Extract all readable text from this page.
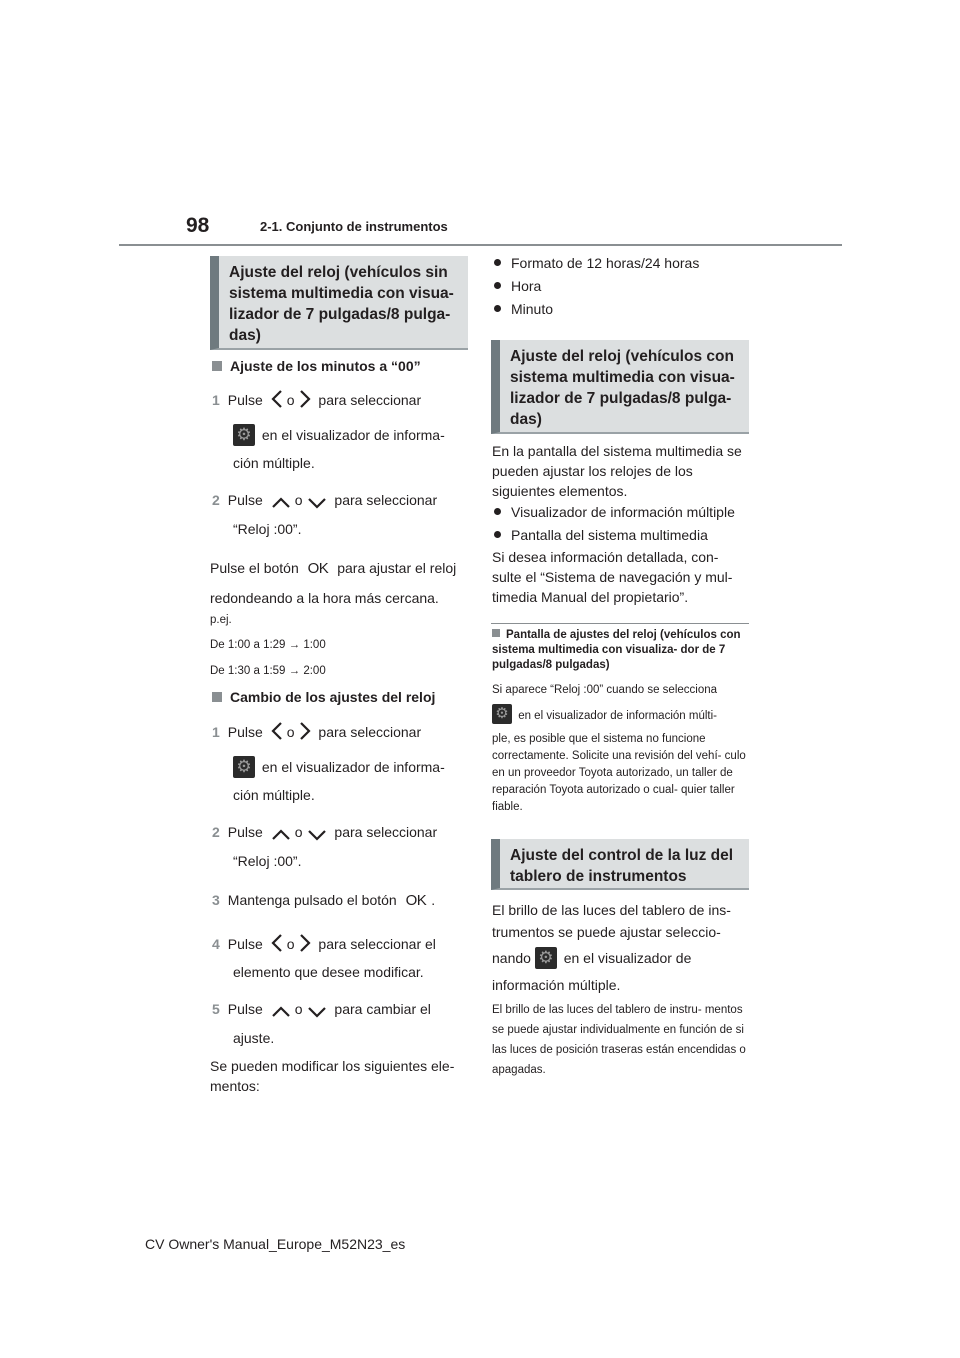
98	2-1. Conjunto de instrumentos
Ajuste del reloj (vehículos sin sistema multimedia con visua- lizador de 7 pulgadas/8 pulga- das)
Ajuste de los minutos a “00”
1 Pulse o para seleccionar
⚙ en el visualizador de informa-
ción múltiple.
2 Pulse o para seleccionar
“Reloj :00”.
Pulse el botón OK para ajustar el reloj
redondeando a la hora más cercana.
p.ej.
De 1:00 a 1:29 → 1:00
De 1:30 a 1:59 → 2:00
Cambio de los ajustes del reloj
1 Pulse o para seleccionar
⚙ en el visualizador de informa-
ción múltiple.
2 Pulse o para seleccionar
“Reloj :00”.
3 Mantenga pulsado el botón OK .
4 Pulse o para seleccionar el
elemento que desee modificar.
5 Pulse o para cambiar el
ajuste.
Se pueden modificar los siguientes ele- mentos:
Formato de 12 horas/24 horas
Hora
Minuto
Ajuste del reloj (vehículos con sistema multimedia con visua- lizador de 7 pulgadas/8 pulga- das)
En la pantalla del sistema multimedia se pueden ajustar los relojes de los siguientes elementos.
Visualizador de información múltiple
Pantalla del sistema multimedia
Si desea información detallada, con- sulte el “Sistema de navegación y mul- timedia Manual del propietario”.
Pantalla de ajustes del reloj (vehículos con sistema multimedia con visualiza- dor de 7 pulgadas/8 pulgadas)
Si aparece “Reloj :00” cuando se selecciona
⚙ en el visualizador de información múlti-
ple, es posible que el sistema no funcione correctamente. Solicite una revisión del vehí- culo en un proveedor Toyota autorizado, un taller de reparación Toyota autorizado o cual- quier taller fiable.
Ajuste del control de la luz del tablero de instrumentos
El brillo de las luces del tablero de ins-
trumentos se puede ajustar seleccio-
nando ⚙ en el visualizador de
información múltiple.
El brillo de las luces del tablero de instru- mentos se puede ajustar individualmente en función de si las luces de posición traseras están encendidas o apagadas.
CV Owner's Manual_Europe_M52N23_es
